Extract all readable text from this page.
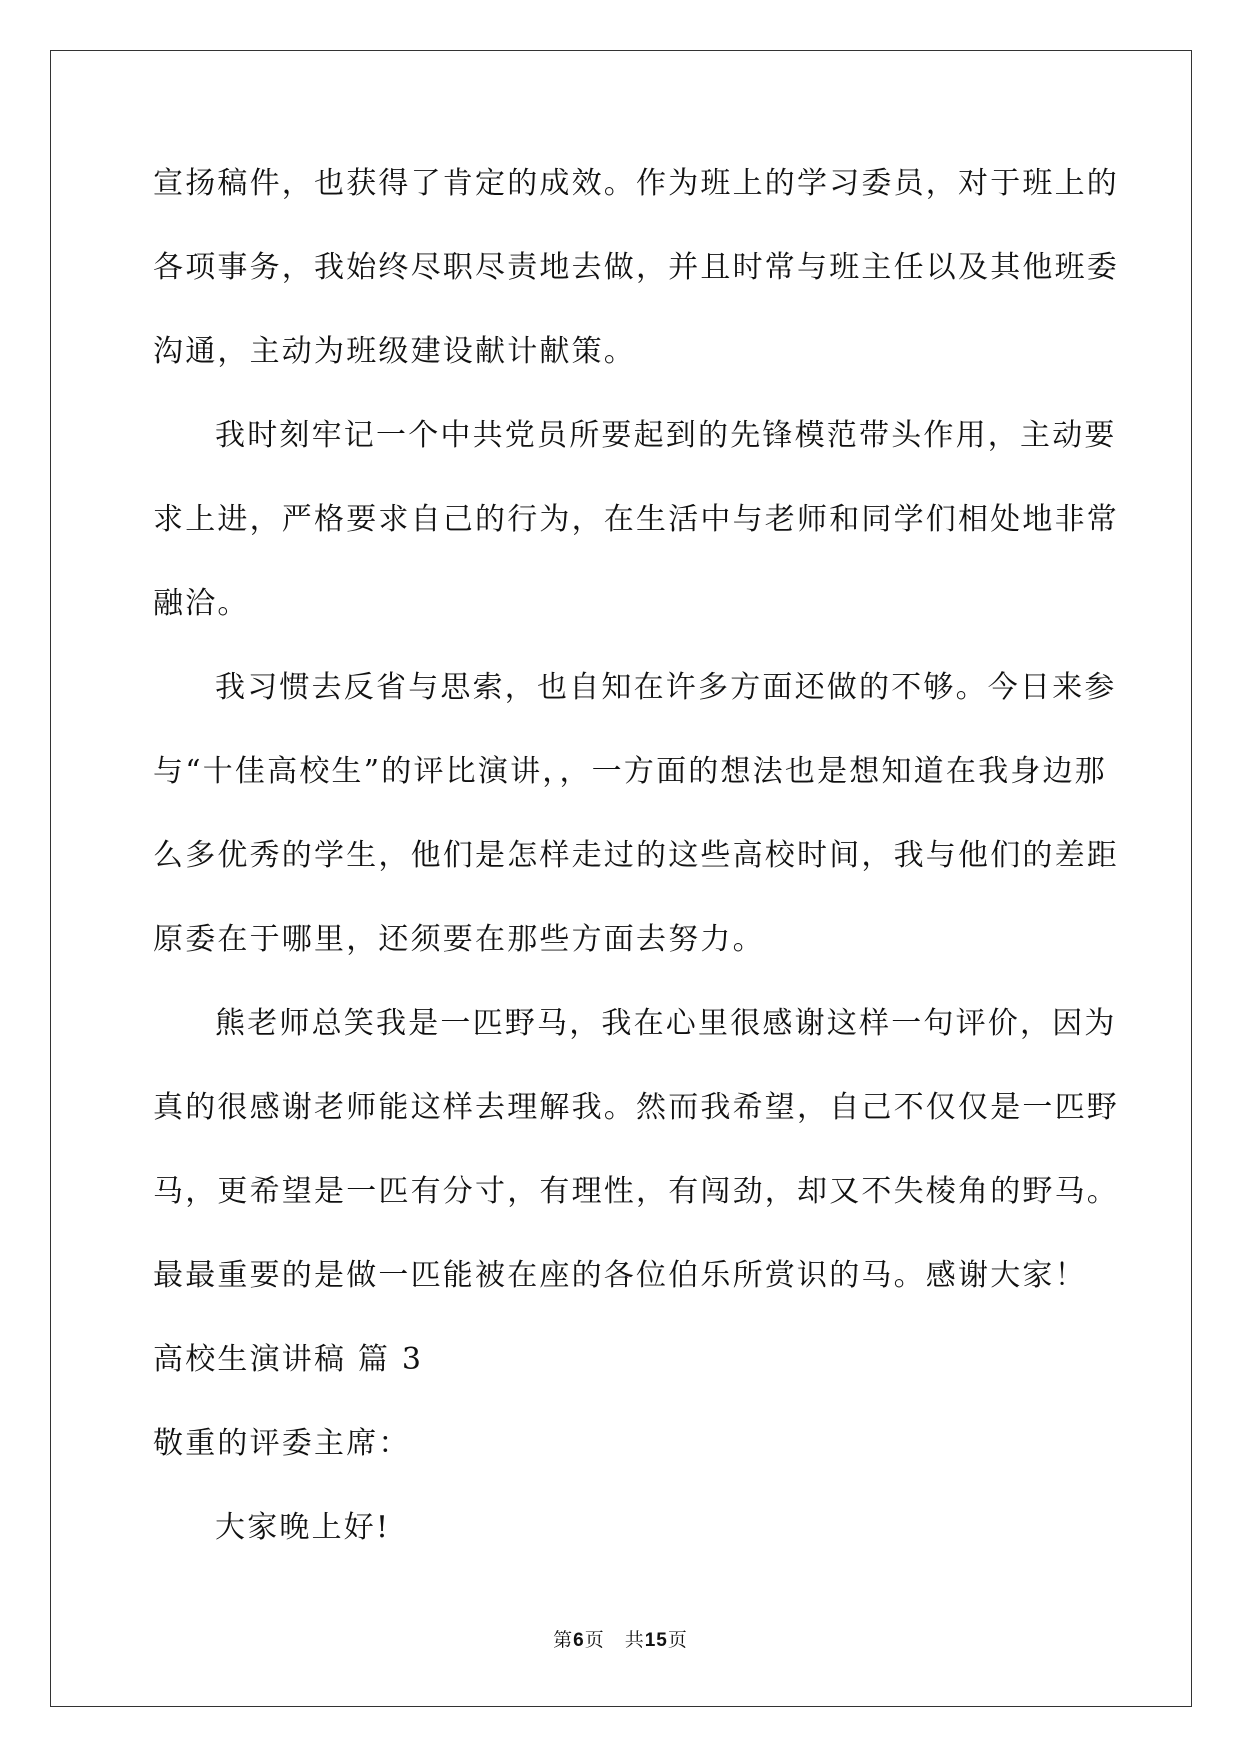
宣扬稿件，也获得了肯定的成效。作为班上的学习委员，对于班上的
各项事务，我始终尽职尽责地去做，并且时常与班主任以及其他班委
沟通，主动为班级建设献计献策。
我时刻牢记一个中共党员所要起到的先锋模范带头作用，主动要
求上进，严格要求自己的行为，在生活中与老师和同学们相处地非常
融洽。
我习惯去反省与思索，也自知在许多方面还做的不够。今日来参
与“十佳高校生”的评比演讲，，一方面的想法也是想知道在我身边那
么多优秀的学生，他们是怎样走过的这些高校时间，我与他们的差距
原委在于哪里，还须要在那些方面去努力。
熊老师总笑我是一匹野马，我在心里很感谢这样一句评价，因为
真的很感谢老师能这样去理解我。然而我希望，自己不仅仅是一匹野
马，更希望是一匹有分寸，有理性，有闯劲，却又不失棱角的野马。
最最重要的是做一匹能被在座的各位伯乐所赏识的马。感谢大家！
高校生演讲稿 篇 3
敬重的评委主席：
大家晚上好!
第6页 共15页
